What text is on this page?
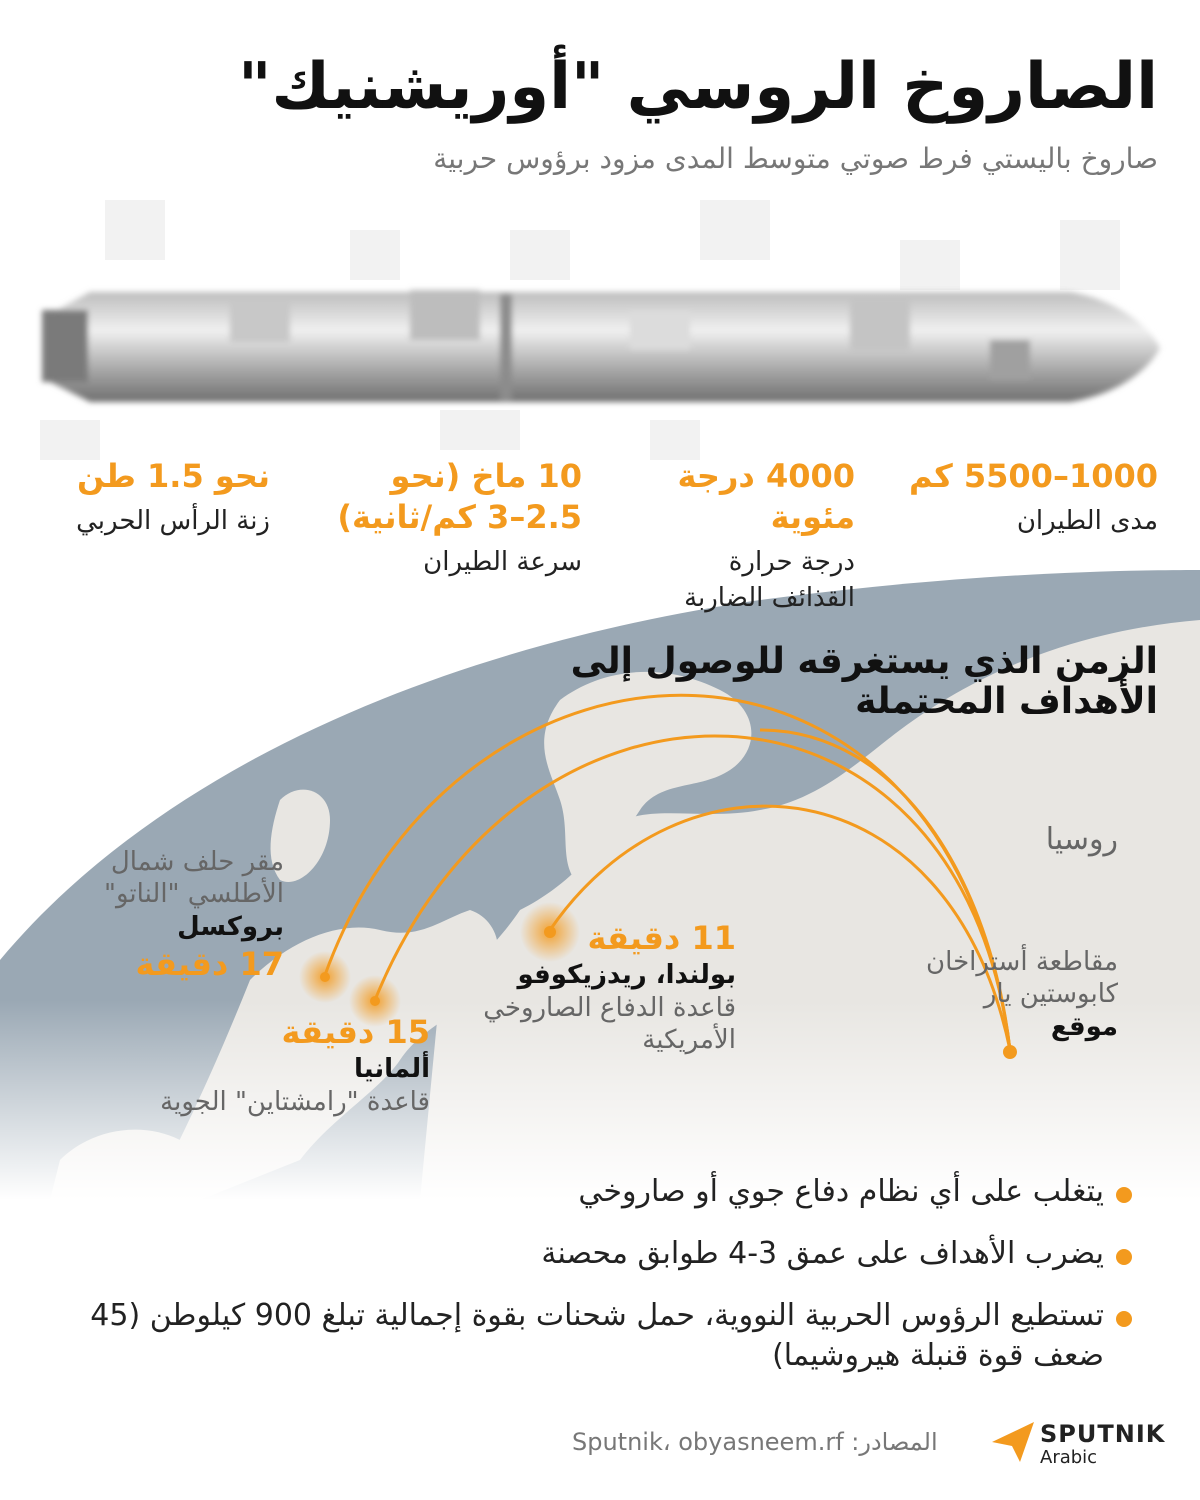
الصاروخ الروسي "أوريشنيك"
صاروخ باليستي فرط صوتي متوسط المدى مزود برؤوس حربية
1000–5500 كم
مدى الطيران
4000 درجة مئوية
درجة حرارة القذائف الضاربة
10 ماخ (نحو 2.5–3 كم/ثانية)
سرعة الطيران
نحو 1.5 طن
زنة الرأس الحربي
الزمن الذي يستغرقه للوصول إلى الأهداف المحتملة
روسيا
11 دقيقة
بولندا، ريدزيكوفو
قاعدة الدفاع الصاروخي الأمريكية
مقر حلف شمال الأطلسي "الناتو"
بروكسل
17 دقيقة
15 دقيقة
ألمانيا
قاعدة "رامشتاين" الجوية
مقاطعة أستراخان
كابوستين يار
موقع
يتغلب على أي نظام دفاع جوي أو صاروخي
يضرب الأهداف على عمق 3-4 طوابق محصنة
تستطيع الرؤوس الحربية النووية، حمل شحنات بقوة إجمالية تبلغ 900 كيلوطن (45 ضعف قوة قنبلة هيروشيما)
المصادر: Sputnik، obyasneem.rf	SPUTNIK
Arabic
